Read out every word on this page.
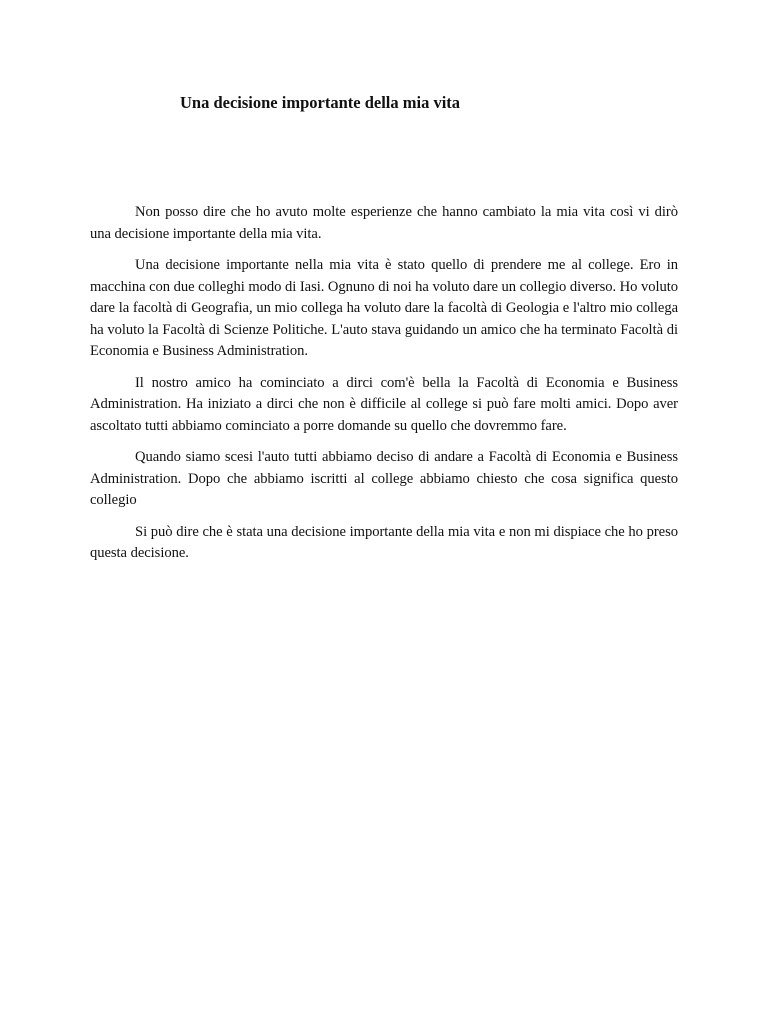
Una decisione importante della mia vita

Non posso dire che ho avuto molte esperienze che hanno cambiato la mia vita così vi dirò una decisione importante della mia vita.

Una decisione importante nella mia vita è stato quello di prendere me al college. Ero in macchina con due colleghi modo di Iasi. Ognuno di noi ha voluto dare un collegio diverso. Ho voluto dare la facoltà di Geografia, un mio collega ha voluto dare la facoltà di Geologia e l'altro mio collega ha voluto la Facoltà di Scienze Politiche. L'auto stava guidando un amico che ha terminato Facoltà di Economia e Business Administration.

Il nostro amico ha cominciato a dirci com'è bella la Facoltà di Economia e Business Administration. Ha iniziato a dirci che non è difficile al college si può fare molti amici. Dopo aver ascoltato tutti abbiamo cominciato a porre domande su quello che dovremmo fare.

Quando siamo scesi l'auto tutti abbiamo deciso di andare a Facoltà di Economia e Business Administration. Dopo che abbiamo iscritti al college abbiamo chiesto che cosa significa questo collegio

Si può dire che è stata una decisione importante della mia vita e non mi dispiace che ho preso questa decisione.
